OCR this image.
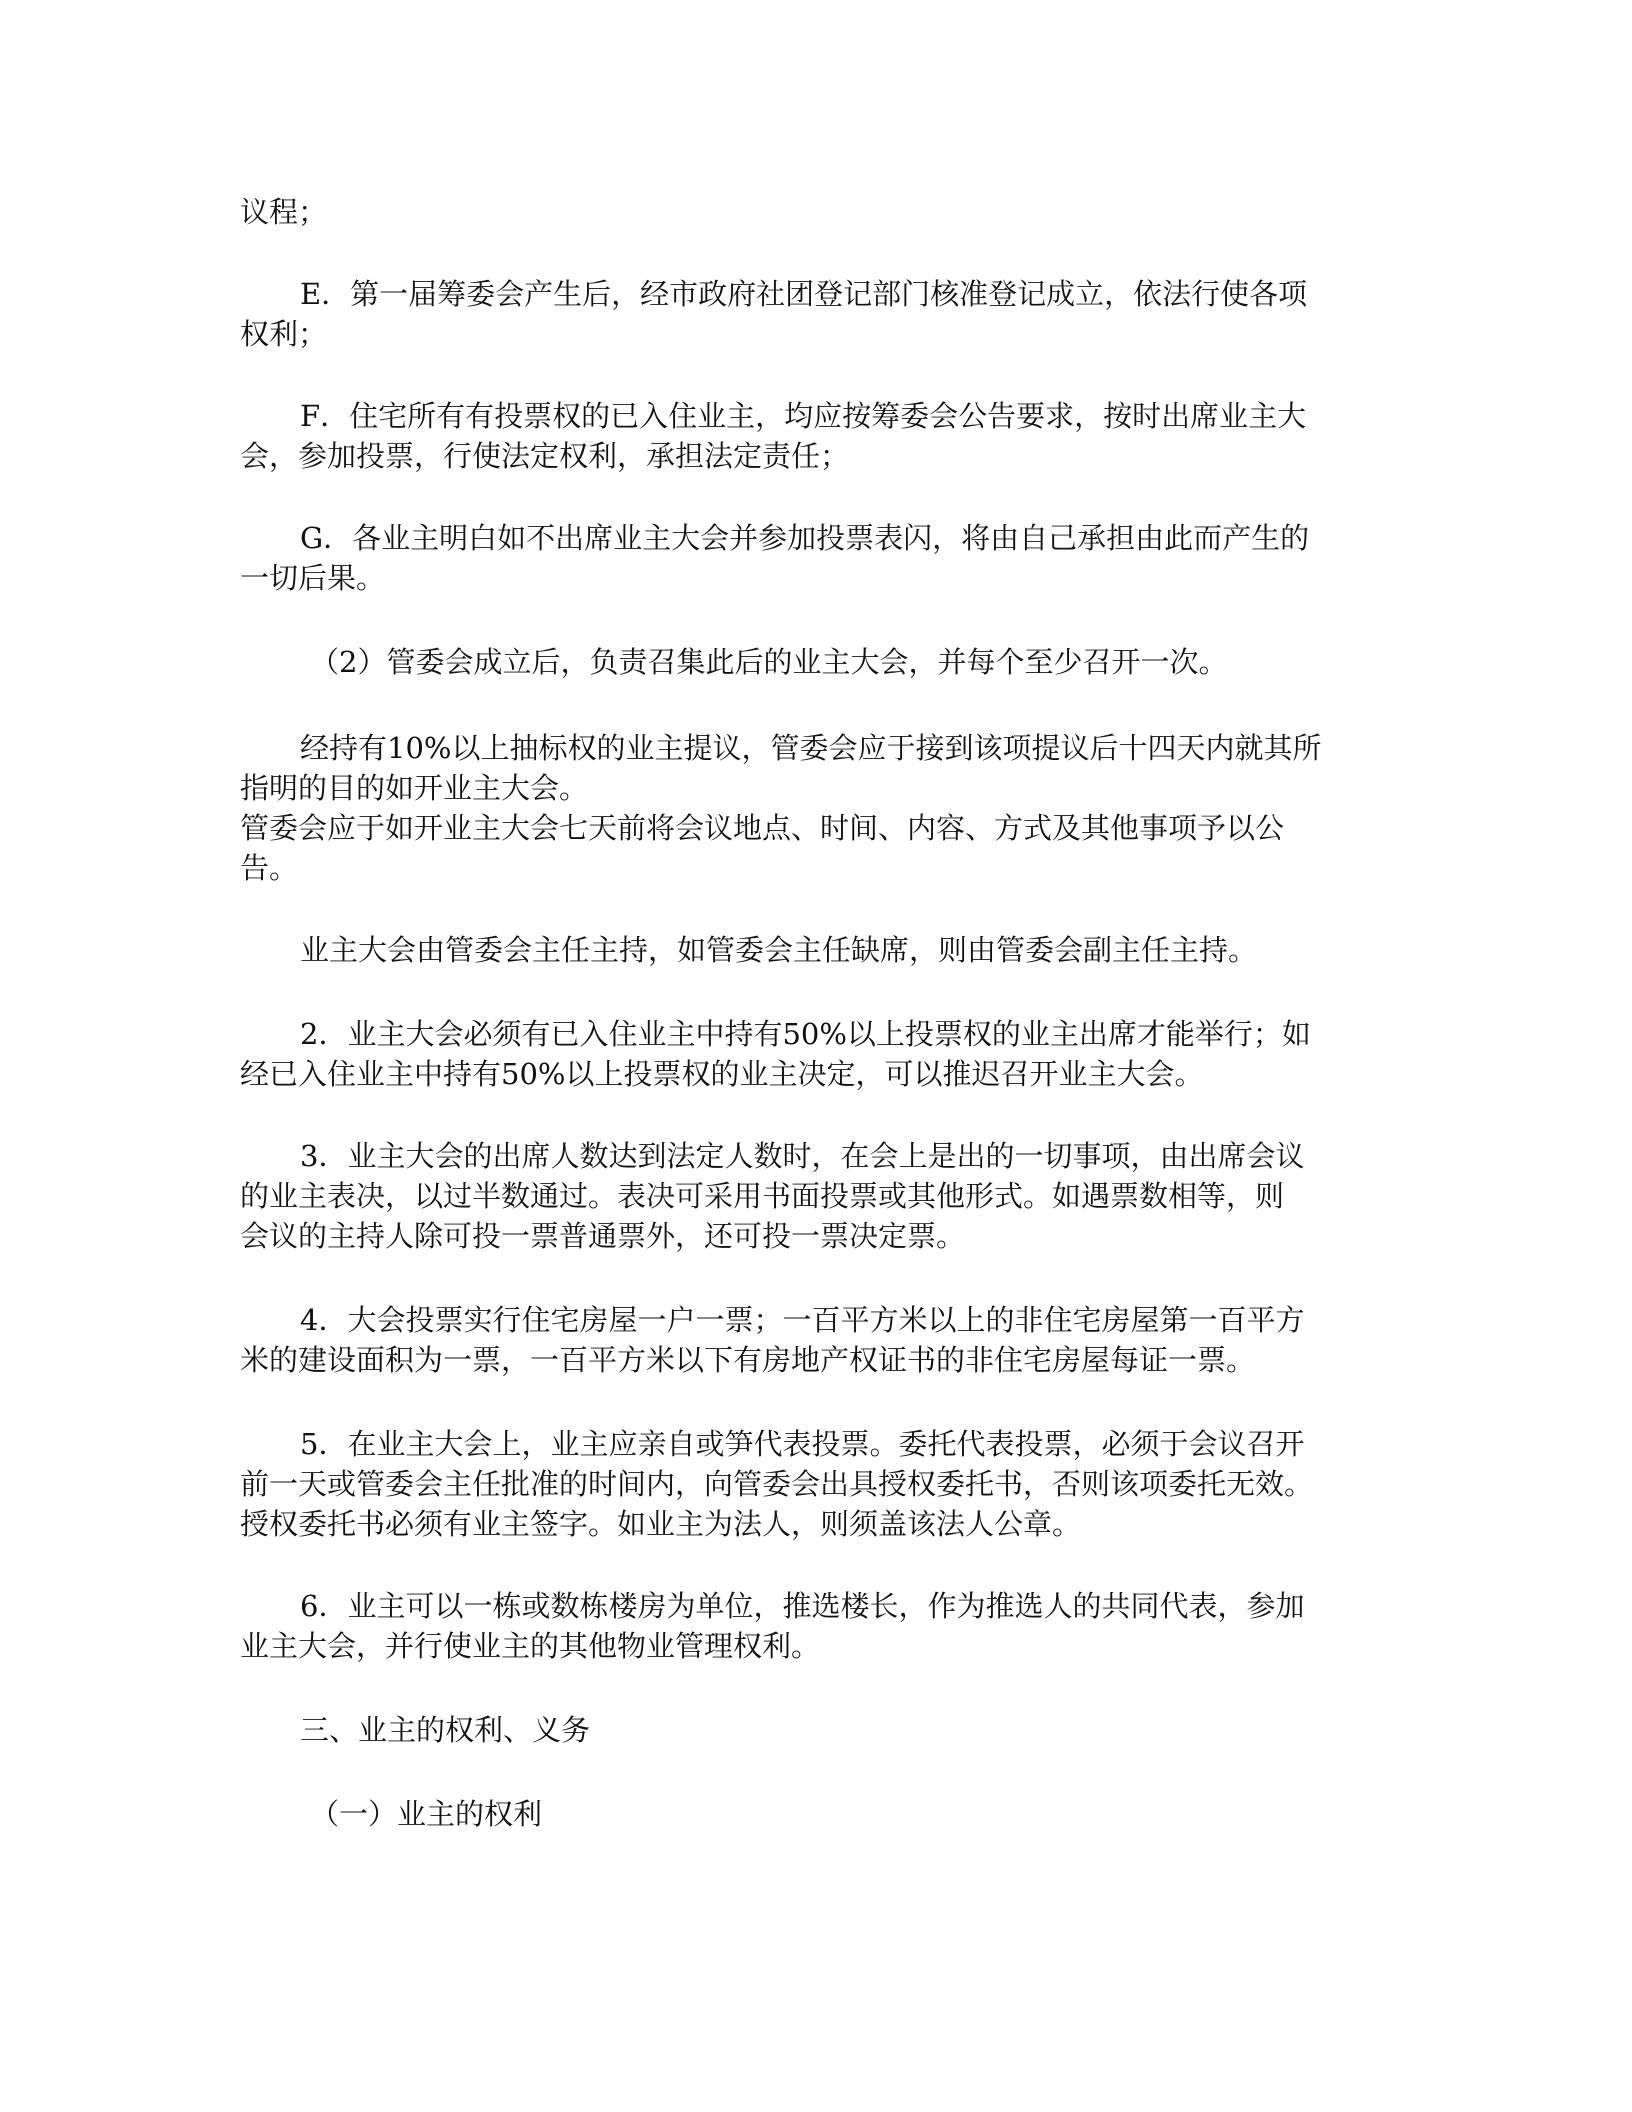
议程；
E．第一届筹委会产生后，经市政府社团登记部门核准登记成立，依法行使各项
权利；
F．住宅所有有投票权的已入住业主，均应按筹委会公告要求，按时出席业主大
会，参加投票，行使法定权利，承担法定责任；
G．各业主明白如不出席业主大会并参加投票表闪，将由自己承担由此而产生的
一切后果。
（2）管委会成立后，负责召集此后的业主大会，并每个至少召开一次。
经持有10%以上抽标权的业主提议，管委会应于接到该项提议后十四天内就其所
指明的目的如开业主大会。
管委会应于如开业主大会七天前将会议地点、时间、内容、方式及其他事项予以公
告。
业主大会由管委会主任主持，如管委会主任缺席，则由管委会副主任主持。
2．业主大会必须有已入住业主中持有50%以上投票权的业主出席才能举行；如
经已入住业主中持有50%以上投票权的业主决定，可以推迟召开业主大会。
3．业主大会的出席人数达到法定人数时，在会上是出的一切事项，由出席会议
的业主表决，以过半数通过。表决可采用书面投票或其他形式。如遇票数相等，则
会议的主持人除可投一票普通票外，还可投一票决定票。
4．大会投票实行住宅房屋一户一票；一百平方米以上的非住宅房屋第一百平方
米的建设面积为一票，一百平方米以下有房地产权证书的非住宅房屋每证一票。
5．在业主大会上，业主应亲自或笋代表投票。委托代表投票，必须于会议召开
前一天或管委会主任批准的时间内，向管委会出具授权委托书，否则该项委托无效。
授权委托书必须有业主签字。如业主为法人，则须盖该法人公章。
6．业主可以一栋或数栋楼房为单位，推选楼长，作为推选人的共同代表，参加
业主大会，并行使业主的其他物业管理权利。
三、业主的权利、义务
（一）业主的权利
